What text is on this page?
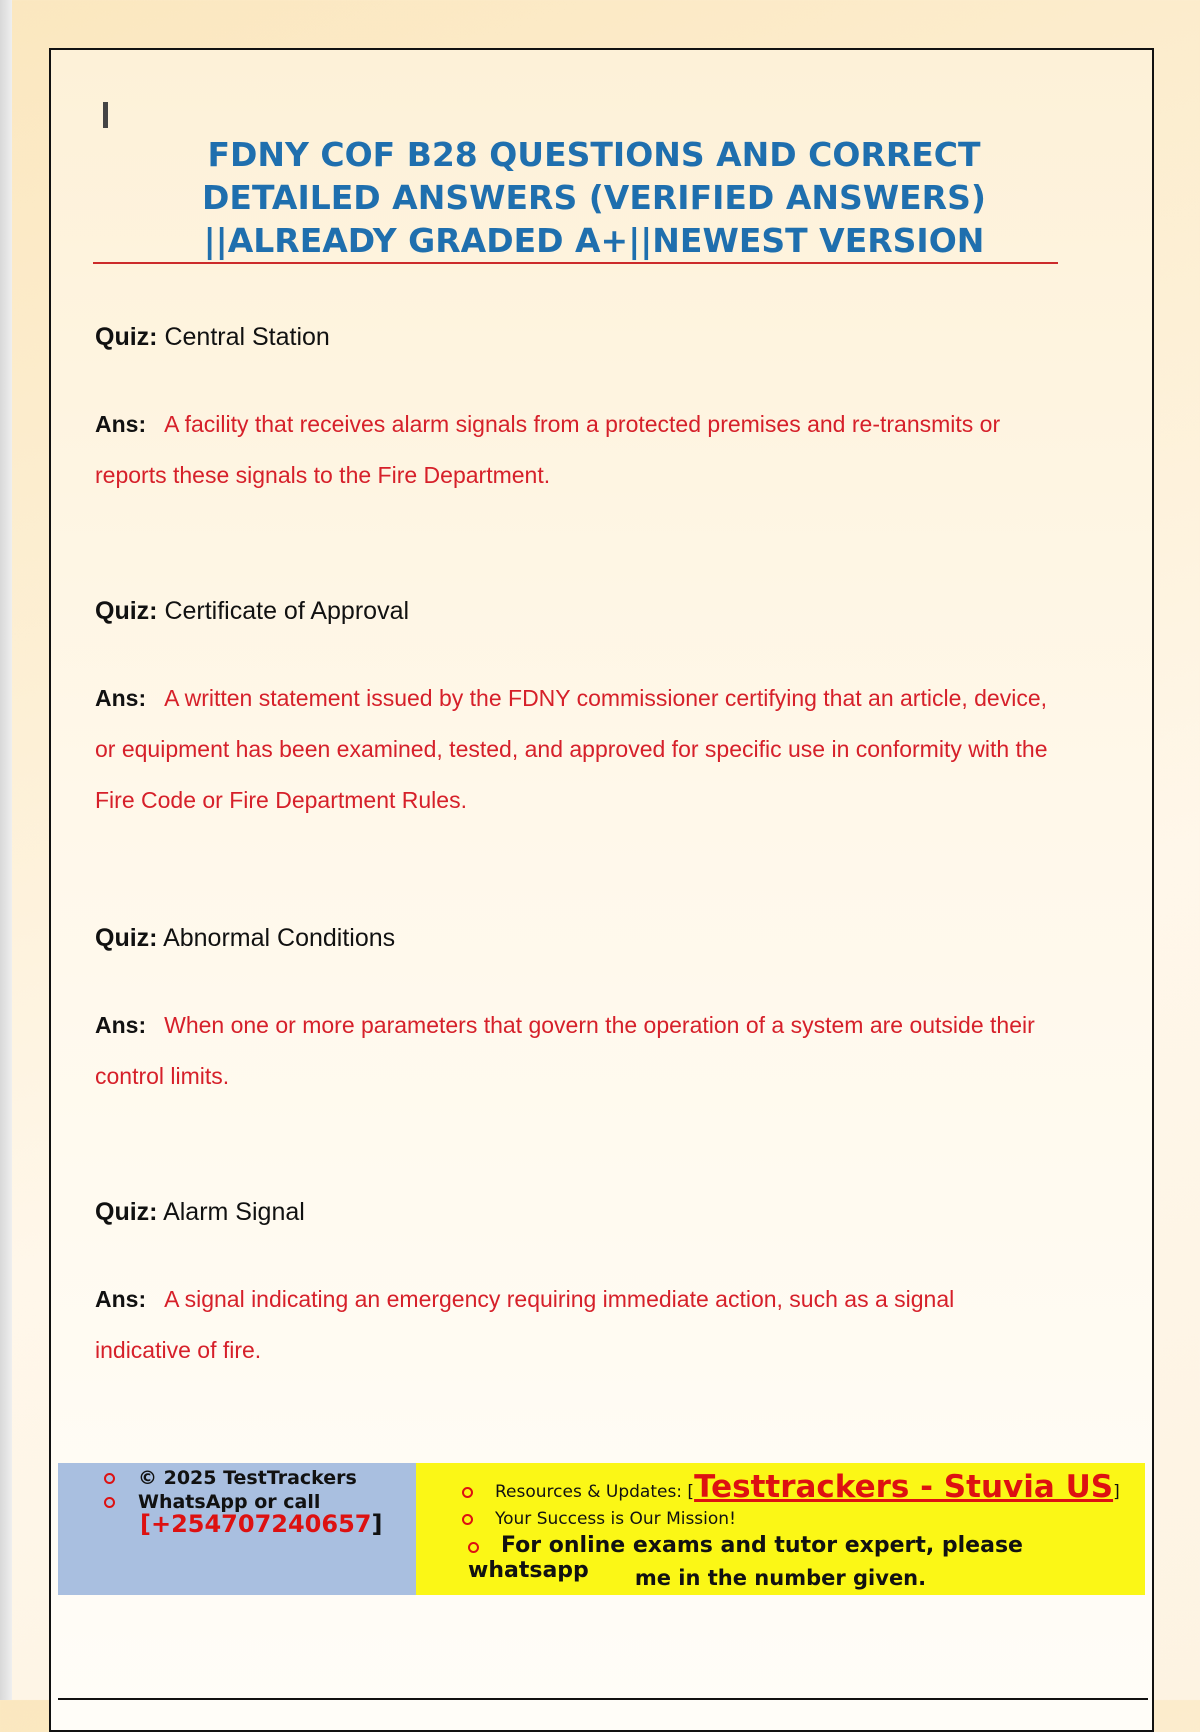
FDNY COF B28 QUESTIONS AND CORRECT
DETAILED ANSWERS (VERIFIED ANSWERS)
||ALREADY GRADED A+||NEWEST VERSION
Quiz: Central Station
Ans: A facility that receives alarm signals from a protected premises and re-transmits or reports these signals to the Fire Department.
Quiz: Certificate of Approval
Ans: A written statement issued by the FDNY commissioner certifying that an article, device, or equipment has been examined, tested, and approved for specific use in conformity with the Fire Code or Fire Department Rules.
Quiz: Abnormal Conditions
Ans: When one or more parameters that govern the operation of a system are outside their control limits.
Quiz: Alarm Signal
Ans: A signal indicating an emergency requiring immediate action, such as a signal indicative of fire.
© 2025 TestTrackers
WhatsApp or call
[+254707240657]
Resources & Updates: [Testtrackers - Stuvia US]
Your Success is Our Mission!
For online exams and tutor expert, please whatsapp	me in the number given.
